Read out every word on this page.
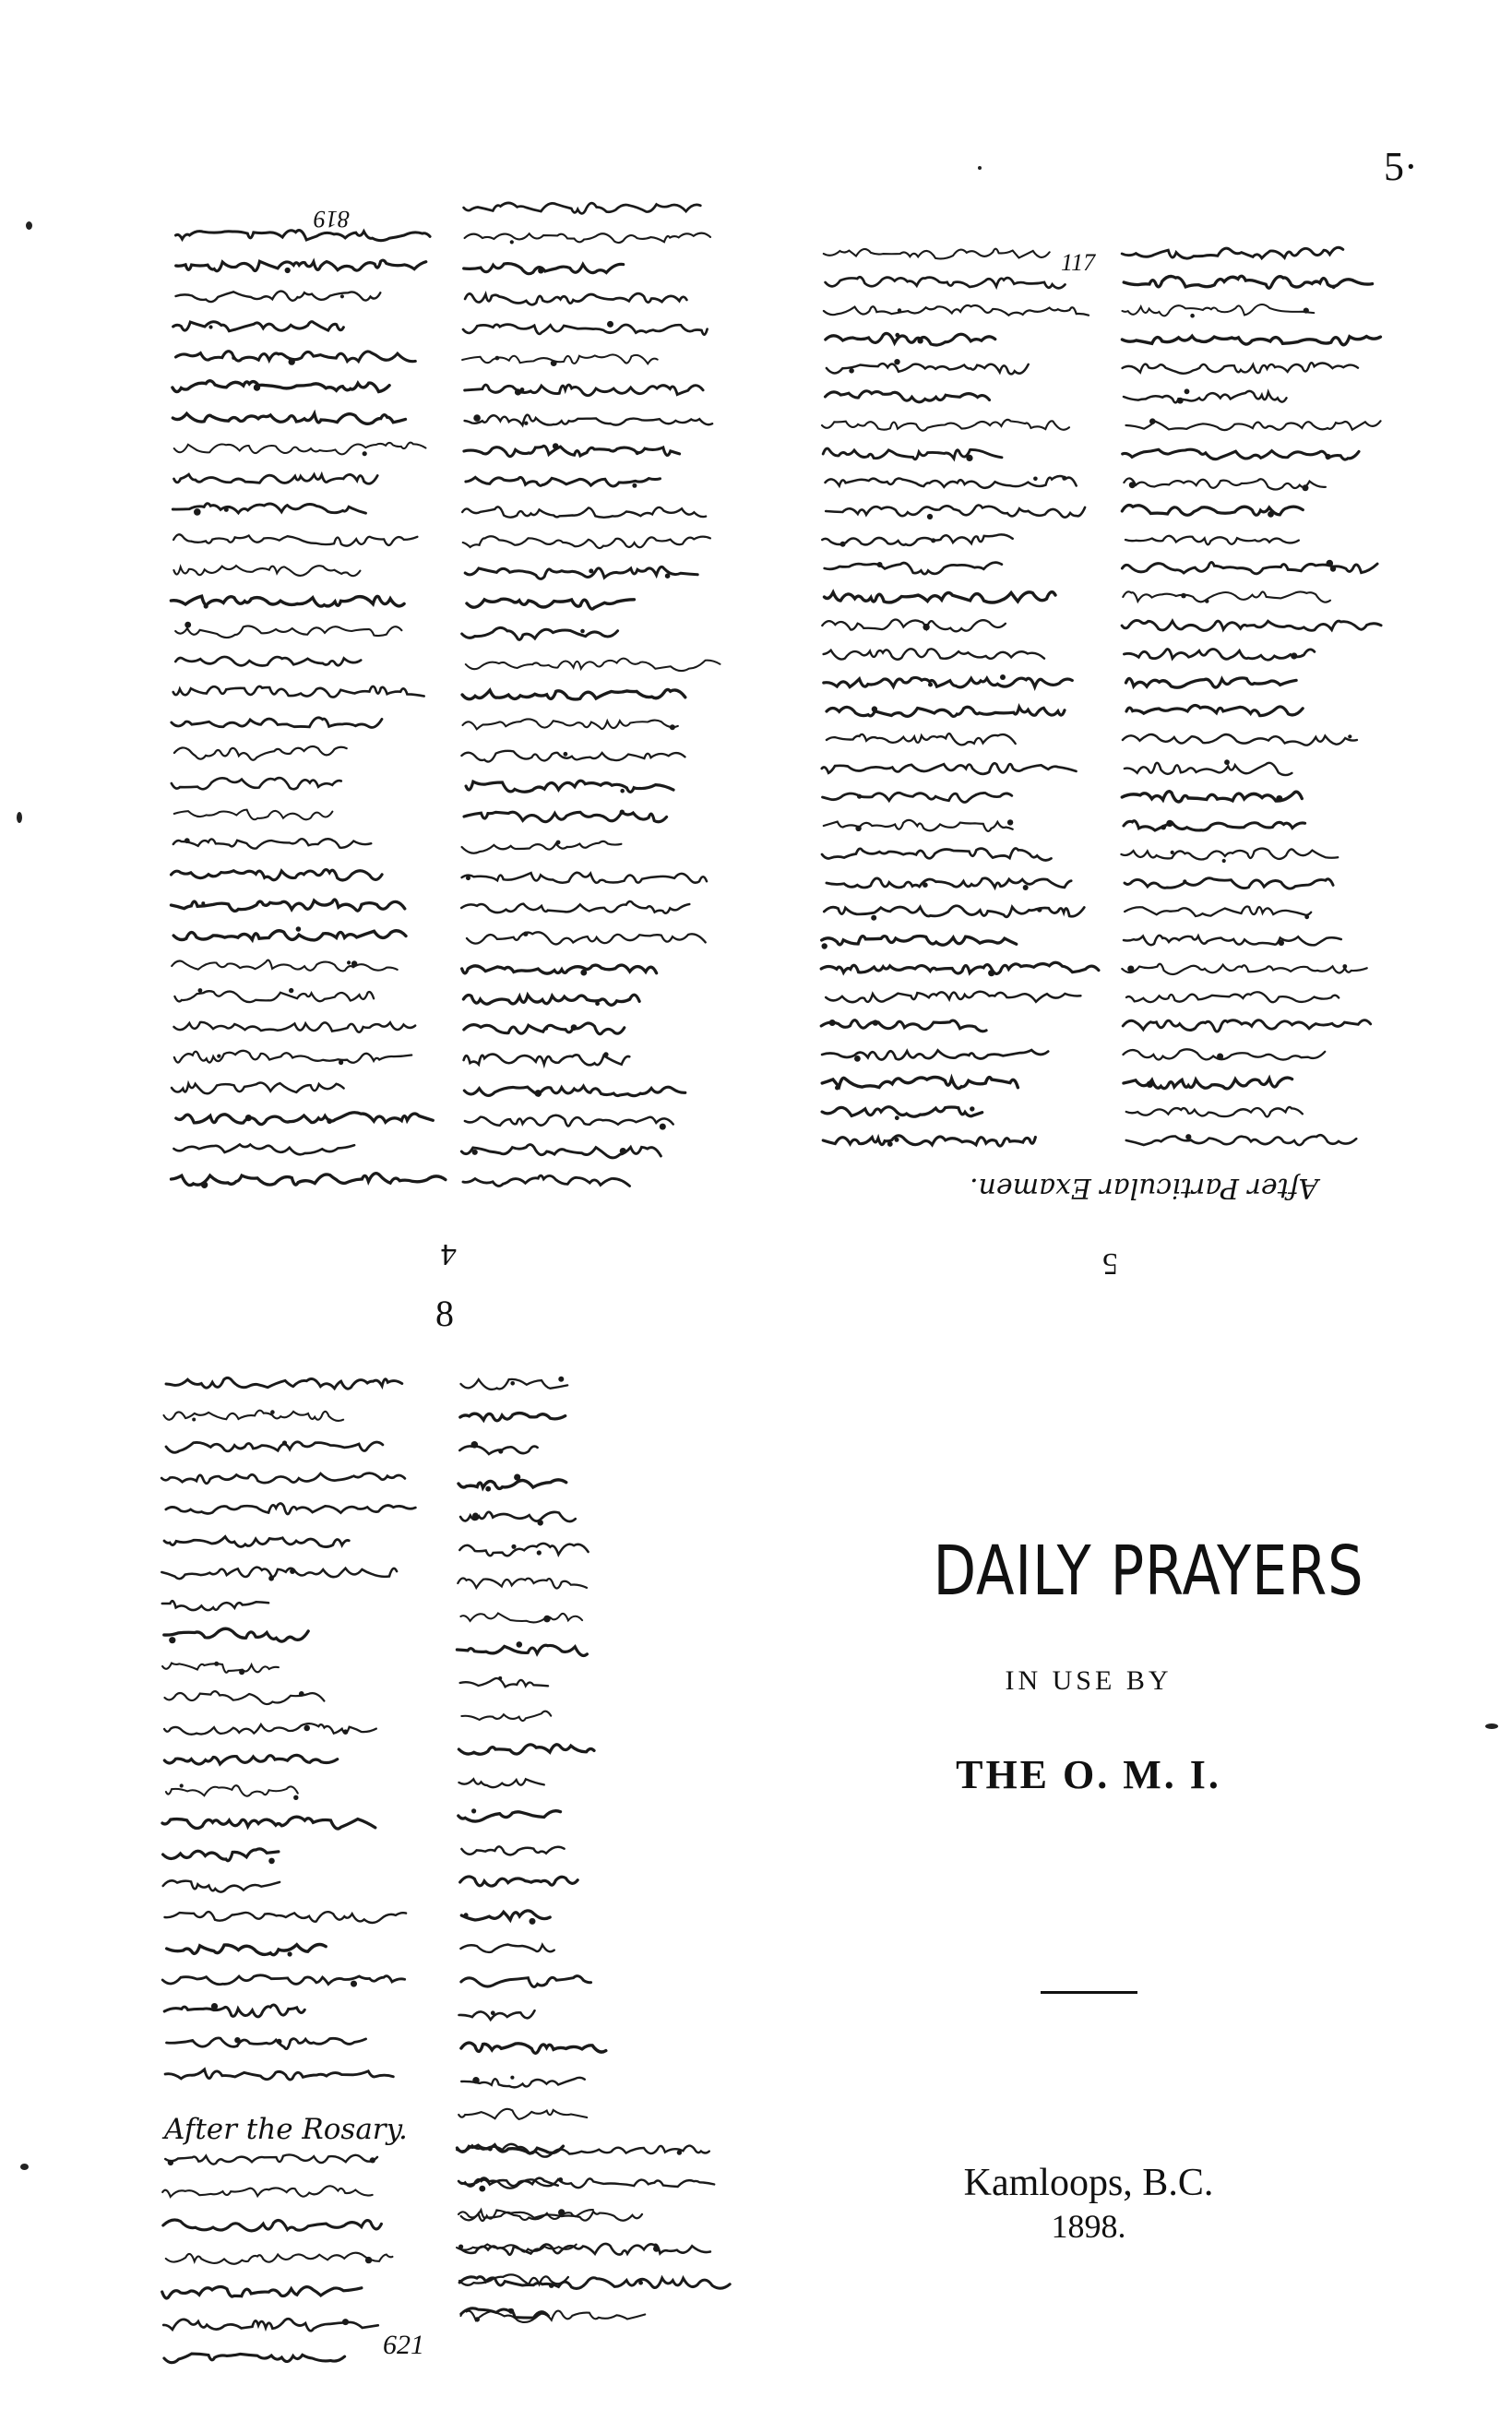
5·
819
4
117
After Particular Examen.
5
8
After the Rosary.
621
DAILY PRAYERS
IN USE BY
THE O. M. I.
Kamloops, B.C.
1898.
